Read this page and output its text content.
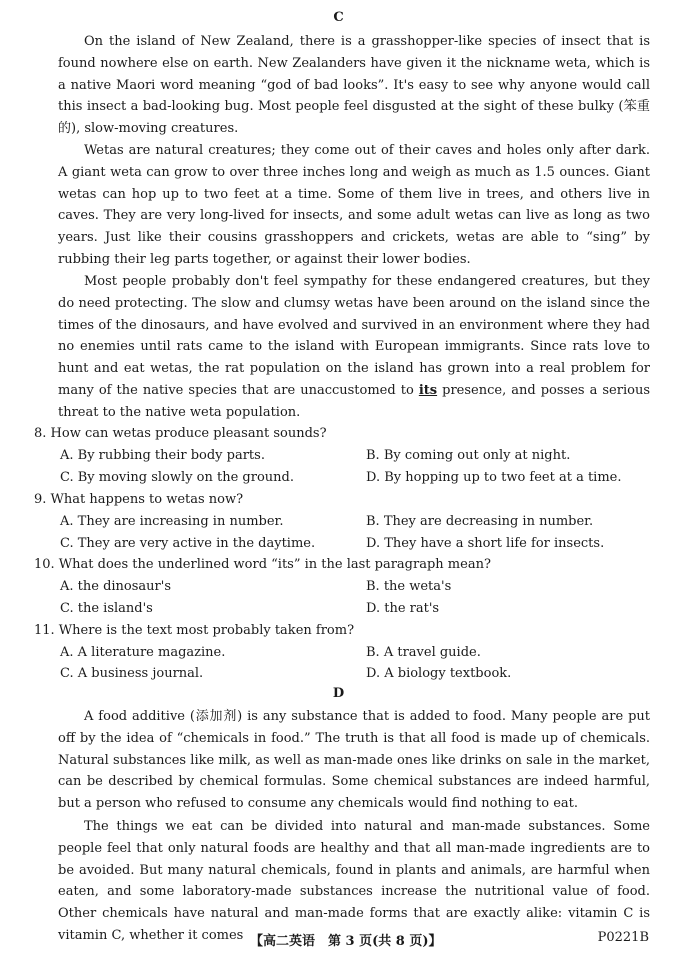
C

On the island of New Zealand, there is a grasshopper-like species of insect that is found nowhere else on earth. New Zealanders have given it the nickname weta, which is a native Maori word meaning “god of bad looks”. It's easy to see why anyone would call this insect a bad-looking bug. Most people feel disgusted at the sight of these bulky (笨重的), slow-moving creatures.

Wetas are natural creatures; they come out of their caves and holes only after dark. A giant weta can grow to over three inches long and weigh as much as 1.5 ounces. Giant wetas can hop up to two feet at a time. Some of them live in trees, and others live in caves. They are very long-lived for insects, and some adult wetas can live as long as two years. Just like their cousins grasshoppers and crickets, wetas are able to “sing” by rubbing their leg parts together, or against their lower bodies.

Most people probably don't feel sympathy for these endangered creatures, but they do need protecting. The slow and clumsy wetas have been around on the island since the times of the dinosaurs, and have evolved and survived in an environment where they had no enemies until rats came to the island with European immigrants. Since rats love to hunt and eat wetas, the rat population on the island has grown into a real problem for many of the native species that are unaccustomed to its presence, and posses a serious threat to the native weta population.

8. How can wetas produce pleasant sounds?
A. By rubbing their body parts.	B. By coming out only at night.
C. By moving slowly on the ground.	D. By hopping up to two feet at a time.
9. What happens to wetas now?
A. They are increasing in number.	B. They are decreasing in number.
C. They are very active in the daytime.	D. They have a short life for insects.
10. What does the underlined word “its” in the last paragraph mean?
A. the dinosaur's	B. the weta's
C. the island's	D. the rat's
11. Where is the text most probably taken from?
A. A literature magazine.	B. A travel guide.
C. A business journal.	D. A biology textbook.
D

A food additive (添加剂) is any substance that is added to food. Many people are put off by the idea of “chemicals in food.” The truth is that all food is made up of chemicals. Natural substances like milk, as well as man-made ones like drinks on sale in the market, can be described by chemical formulas. Some chemical substances are indeed harmful, but a person who refused to consume any chemicals would find nothing to eat.

The things we eat can be divided into natural and man-made substances. Some people feel that only natural foods are healthy and that all man-made ingredients are to be avoided. But many natural chemicals, found in plants and animals, are harmful when eaten, and some laboratory-made substances increase the nutritional value of food. Other chemicals have natural and man-made forms that are exactly alike: vitamin C is vitamin C, whether it comes 【高二英语　第 3 页(共 8 页)】	P0221B
